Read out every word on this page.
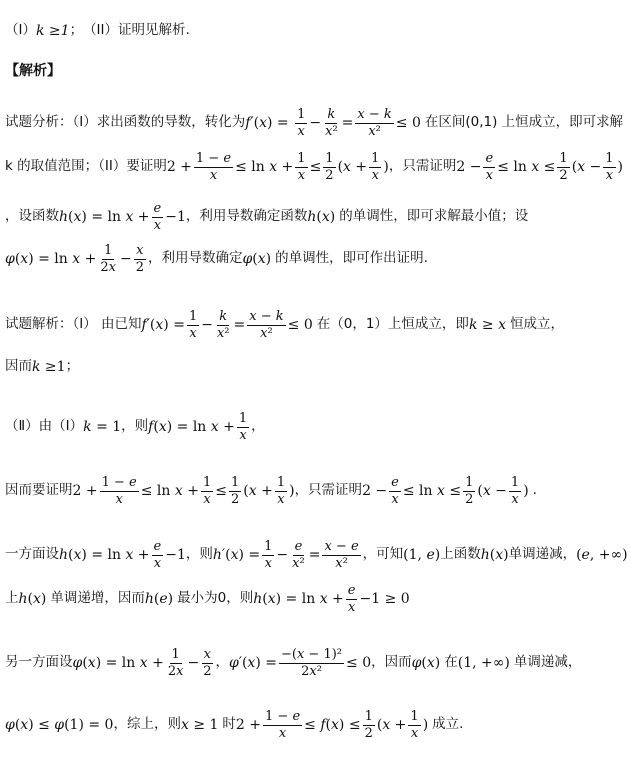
（I） k ≥1 ； （II） 证明见解析.
【解析】
试题分析：（I）求出函数的导数，转化为 $f'(x) = \frac{1}{x} - \frac{k}{\text{x²}} = \frac{x - k}{\text{x²}} \le 0$ 在区间(0,1) 上恒成立，即可求解
k 的取值范围；（II）要证明 $2 + \frac{1 - e}{x} \le \ln x + \frac{1}{x} \le \frac{1}{2} (x + \frac{1}{x}$ ) ，只需证明 $2 - \frac{e}{x} \le \ln x \le \frac{1}{2} (x - \frac{1}{x}$ )
，设函数 $h(x) = \ln x + \frac{e}{x} -1$ ，利用导数确定函数 h(x) 的单调性，即可求解最小值；设
$\varphi(x) = \ln x + \frac{1}{2x} - \frac{x}{2}$ ，利用导数确定 φ(x) 的单调性，即可作出证明.
试题解析：（Ⅰ） 由已知 $f'(x) = \frac{1}{x} - \frac{k}{\text{x²}} = \frac{x - k}{\text{x²}} \le 0$ 在（0，1）上恒成立，即 k ≥ x 恒成立，
因而 k ≥1 ；
（Ⅱ）由（Ⅰ） k = 1 ，则 $f(x) = \ln x + \frac{1}{x}$ ，
因而要证明 $2 + \frac{1 - e}{x} \le \ln x + \frac{1}{x} \le \frac{1}{2} (x + \frac{1}{x}$ ) ，只需证明 $2 - \frac{e}{x} \le \ln x \le \frac{1}{2} (x - \frac{1}{x}$ ) .
一方面设 $h(x) = \ln x + \frac{e}{x} -1$ ，则 $h'(x) = \frac{1}{x} - \frac{e}{\text{x²}} = \frac{x - e}{\text{x²}}$ ，可知 (1, e) 上函数 h(x) 单调递减， (e, +∞)
上 h(x) 单调递增，因而 h(e) 最小为0，则 $h(x) = \ln x + \frac{e}{x} -1 \ge 0$
另一方面设 $\varphi(x) = \ln x + \frac{1}{2x} - \frac{x}{2}$ ， $\varphi'(x) = \frac{\text{−(x − 1)²}}{\text{2x²}} \le 0$ ，因而 φ(x) 在 (1, +∞) 单调递减，
φ(x) ≤ φ(1) = 0 ，综上，则 x ≥ 1 时 $2 + \frac{1 - e}{x} \le f(x) \le \frac{1}{2} (x + \frac{1}{x}$ ) 成立.
